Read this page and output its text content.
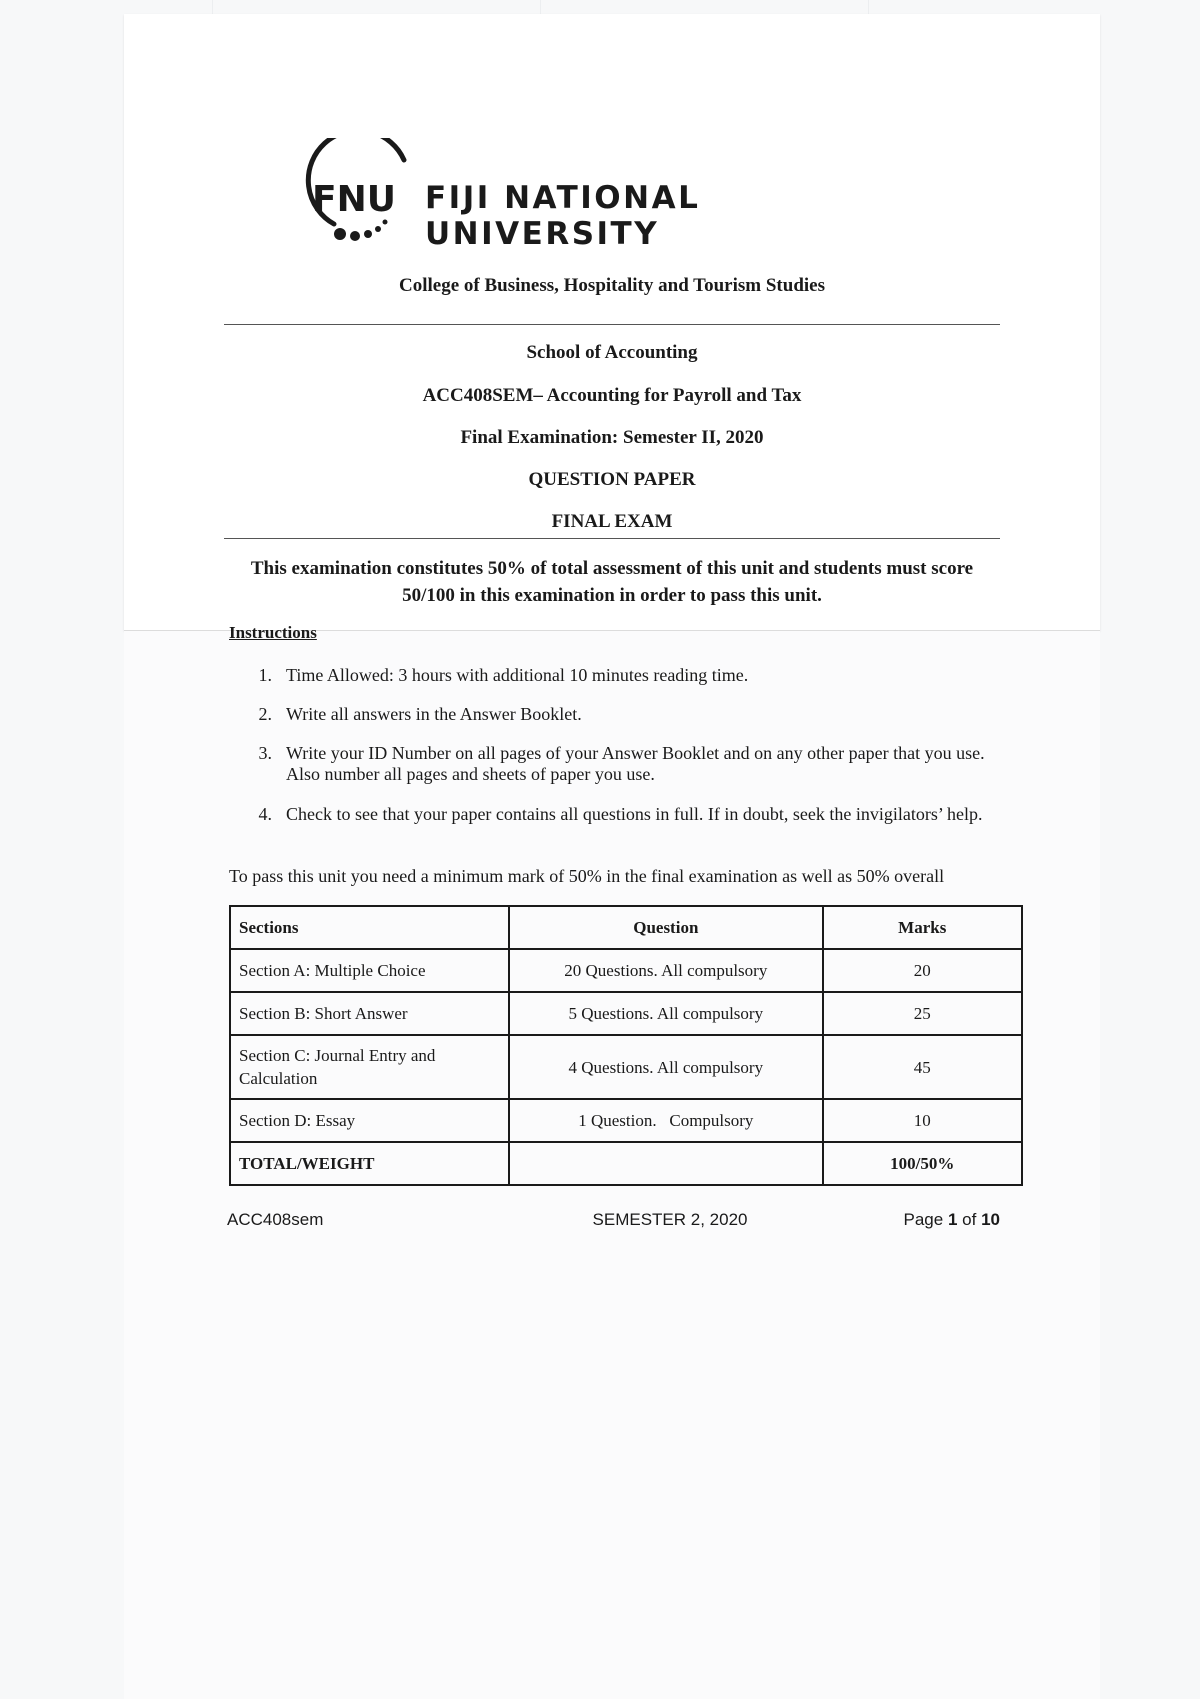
FNU FIJI NATIONAL UNIVERSITY
College of Business, Hospitality and Tourism Studies
School of Accounting
ACC408SEM– Accounting for Payroll and Tax
Final Examination: Semester II, 2020
QUESTION PAPER
FINAL EXAM
This examination constitutes 50% of total assessment of this unit and students must score
50/100 in this examination in order to pass this unit.
Instructions
1. Time Allowed: 3 hours with additional 10 minutes reading time.
2. Write all answers in the Answer Booklet.
3. Write your ID Number on all pages of your Answer Booklet and on any other paper that you use. Also number all pages and sheets of paper you use.
4. Check to see that your paper contains all questions in full. If in doubt, seek the invigilators’ help.
To pass this unit you need a minimum mark of 50% in the final examination as well as 50% overall
Sections	Question	Marks
Section A: Multiple Choice	20 Questions. All compulsory	20
Section B: Short Answer	5 Questions. All compulsory	25
Section C: Journal Entry and Calculation	4 Questions. All compulsory	45
Section D: Essay	1 Question.   Compulsory	10
TOTAL/WEIGHT		100/50%
ACC408sem	SEMESTER 2, 2020	Page 1 of 10
